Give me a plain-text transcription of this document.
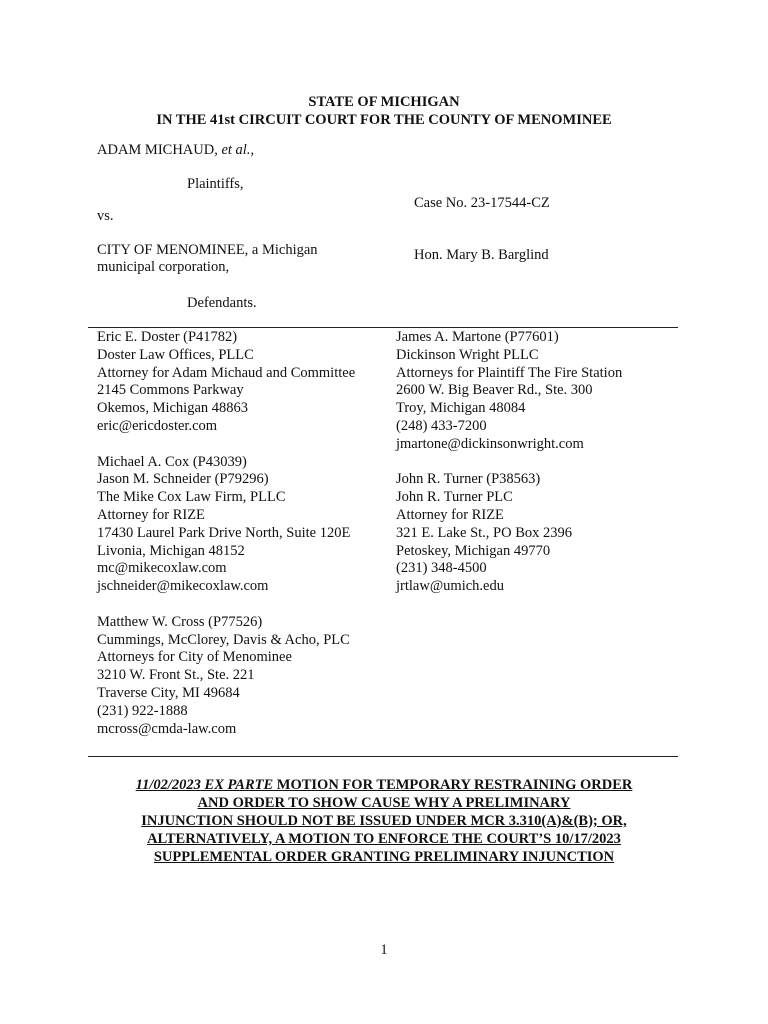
STATE OF MICHIGAN
IN THE 41st CIRCUIT COURT FOR THE COUNTY OF MENOMINEE
ADAM MICHAUD, et al.,
Plaintiffs,
vs.
CITY OF MENOMINEE, a Michigan
municipal corporation,
Defendants.
Case No. 23-17544-CZ
Hon. Mary B. Barglind
Eric E. Doster (P41782)
Doster Law Offices, PLLC
Attorney for Adam Michaud and Committee
2145 Commons Parkway
Okemos, Michigan 48863
eric@ericdoster.com
Michael A. Cox (P43039)
Jason M. Schneider (P79296)
The Mike Cox Law Firm, PLLC
Attorney for RIZE
17430 Laurel Park Drive North, Suite 120E
Livonia, Michigan 48152
mc@mikecoxlaw.com
jschneider@mikecoxlaw.com
Matthew W. Cross (P77526)
Cummings, McClorey, Davis & Acho, PLC
Attorneys for City of Menominee
3210 W. Front St., Ste. 221
Traverse City, MI 49684
(231) 922-1888
mcross@cmda-law.com
James A. Martone (P77601)
Dickinson Wright PLLC
Attorneys for Plaintiff The Fire Station
2600 W. Big Beaver Rd., Ste. 300
Troy, Michigan 48084
(248) 433-7200
jmartone@dickinsonwright.com
John R. Turner (P38563)
John R. Turner PLC
Attorney for RIZE
321 E. Lake St., PO Box 2396
Petoskey, Michigan 49770
(231) 348-4500
jrtlaw@umich.edu
11/02/2023 EX PARTE MOTION FOR TEMPORARY RESTRAINING ORDER
AND ORDER TO SHOW CAUSE WHY A PRELIMINARY
INJUNCTION SHOULD NOT BE ISSUED UNDER MCR 3.310(A)&(B); OR,
ALTERNATIVELY, A MOTION TO ENFORCE THE COURT’S 10/17/2023
SUPPLEMENTAL ORDER GRANTING PRELIMINARY INJUNCTION
1
